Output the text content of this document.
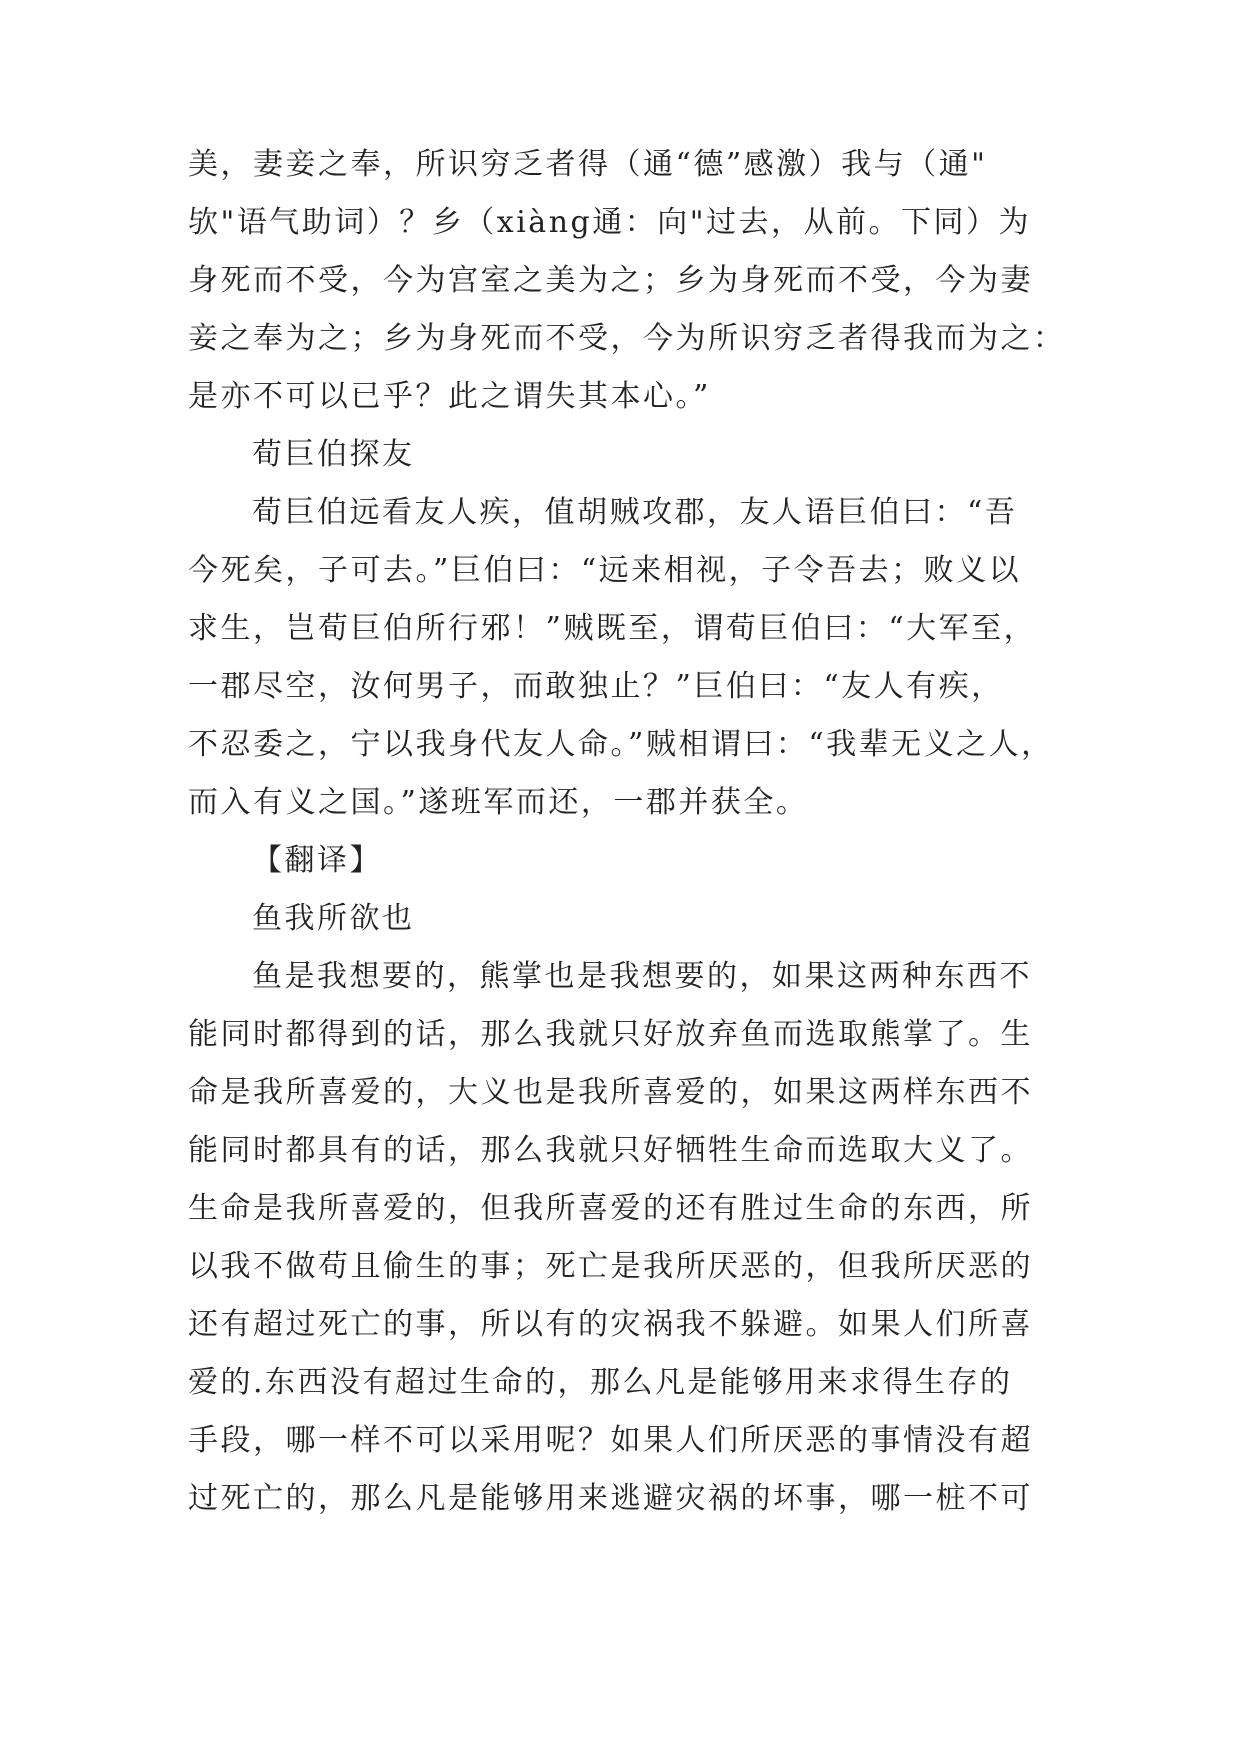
美，妻妾之奉，所识穷乏者得（通“德”感激）我与（通"
欤"语气助词）？乡（xiàng通：向"过去，从前。下同）为
身死而不受，今为宫室之美为之；乡为身死而不受，今为妻
妾之奉为之；乡为身死而不受，今为所识穷乏者得我而为之：
是亦不可以已乎？此之谓失其本心。”
荀巨伯探友
荀巨伯远看友人疾，值胡贼攻郡，友人语巨伯曰：“吾
今死矣，子可去。”巨伯曰：“远来相视，子令吾去；败义以
求生，岂荀巨伯所行邪！”贼既至，谓荀巨伯曰：“大军至，
一郡尽空，汝何男子，而敢独止？”巨伯曰：“友人有疾，
不忍委之，宁以我身代友人命。”贼相谓曰：“我辈无义之人，
而入有义之国。”遂班军而还，一郡并获全。
【翻译】
鱼我所欲也
鱼是我想要的，熊掌也是我想要的，如果这两种东西不
能同时都得到的话，那么我就只好放弃鱼而选取熊掌了。生
命是我所喜爱的，大义也是我所喜爱的，如果这两样东西不
能同时都具有的话，那么我就只好牺牲生命而选取大义了。
生命是我所喜爱的，但我所喜爱的还有胜过生命的东西，所
以我不做苟且偷生的事；死亡是我所厌恶的，但我所厌恶的
还有超过死亡的事，所以有的灾祸我不躲避。如果人们所喜
爱的.东西没有超过生命的，那么凡是能够用来求得生存的
手段，哪一样不可以采用呢？如果人们所厌恶的事情没有超
过死亡的，那么凡是能够用来逃避灾祸的坏事，哪一桩不可
